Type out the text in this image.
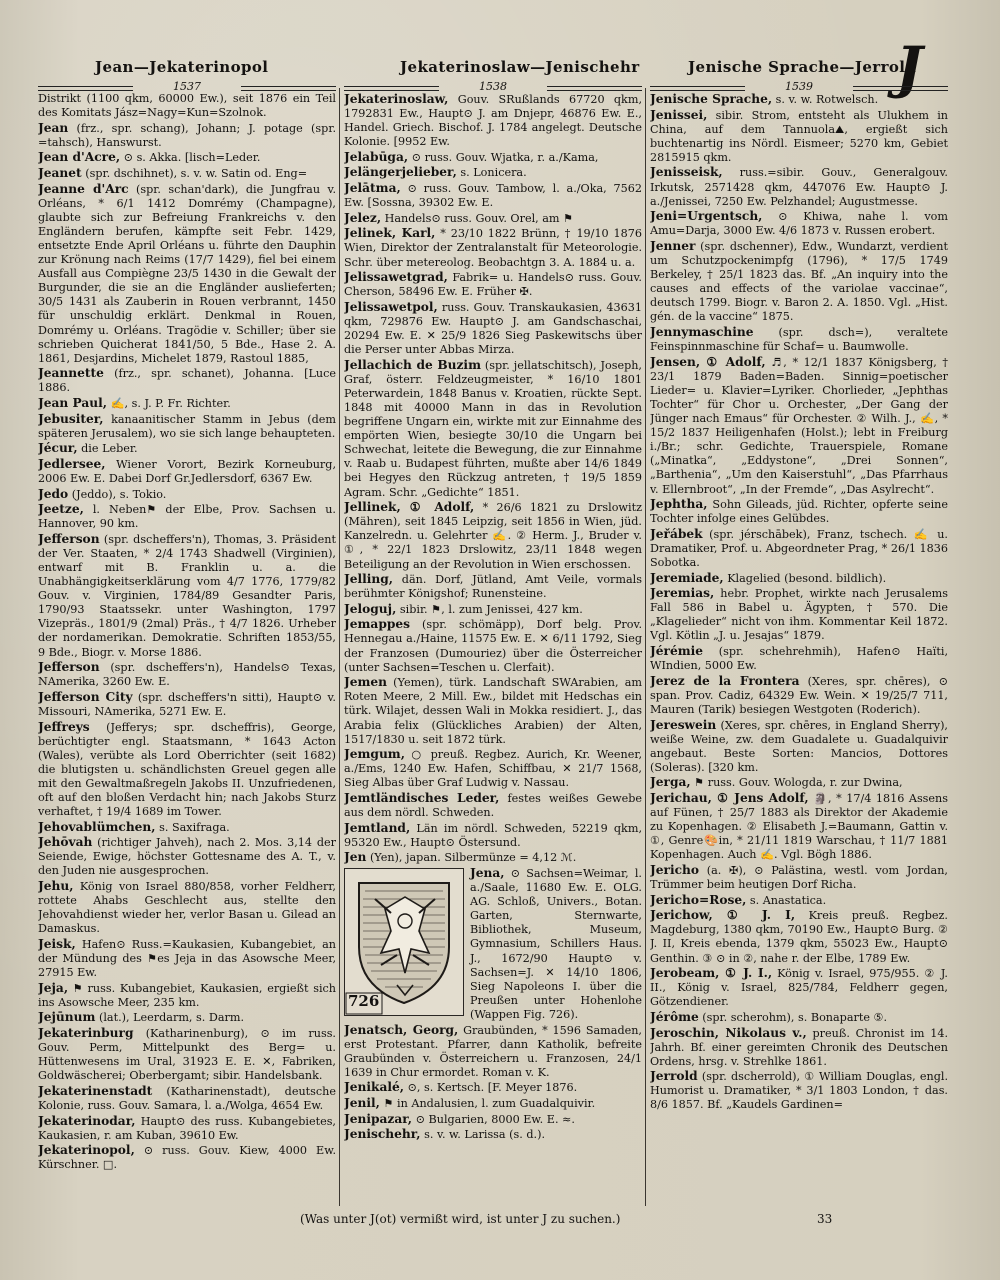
Jean—Jekaterinopol	Jekaterinoslaw—Jenischehr	Jenische Sprache—Jerrold
J
1537	1538	1539
Distrikt (1100 qkm, 60000 Ew.), seit 1876 ein Teil des Komitats Jász=Nagy=Kun=Szolnok.
Jean (frz., spr. schang), Johann; J. potage (spr. =tahsch), Hanswurst.
Jean d'Acre, ⊙ s. Akka. [lisch=Leder.
Jeanet (spr. dschihnet), s. v. w. Satin od. Eng=
Jeanne d'Arc (spr. schan'dark), die Jungfrau v. Orléans, * 6/1 1412 Domrémy (Champagne), glaubte sich zur Befreiung Frankreichs v. den Engländern berufen, kämpfte seit Febr. 1429, entsetzte Ende April Orléans u. führte den Dauphin zur Krönung nach Reims (17/7 1429), fiel bei einem Ausfall aus Compiègne 23/5 1430 in die Gewalt der Burgunder, die sie an die Engländer auslieferten; 30/5 1431 als Zauberin in Rouen verbrannt, 1450 für unschuldig erklärt. Denkmal in Rouen, Domrémy u. Orléans. Tragödie v. Schiller; über sie schrieben Quicherat 1841/50, 5 Bde., Hase 2. A. 1861, Desjardins, Michelet 1879, Rastoul 1885,
Jeannette (frz., spr. schanet), Johanna. [Luce 1886.
Jean Paul, ✍, s. J. P. Fr. Richter.
Jebusiter, kanaanitischer Stamm in Jebus (dem späteren Jerusalem), wo sie sich lange behaupteten.
Jécur, die Leber.
Jedlersee, Wiener Vorort, Bezirk Korneuburg, 2006 Ew. E. Dabei Dorf Gr.Jedlersdorf, 6367 Ew.
Jedo (Jeddo), s. Tokio.
Jeetze, l. Neben⚑ der Elbe, Prov. Sachsen u. Hannover, 90 km.
Jefferson (spr. dscheffers'n), Thomas, 3. Präsident der Ver. Staaten, * 2/4 1743 Shadwell (Virginien), entwarf mit B. Franklin u. a. die Unabhängigkeitserklärung vom 4/7 1776, 1779/82 Gouv. v. Virginien, 1784/89 Gesandter Paris, 1790/93 Staatssekr. unter Washington, 1797 Vizepräs., 1801/9 (2mal) Präs., † 4/7 1826. Urheber der nordamerikan. Demokratie. Schriften 1853/55, 9 Bde., Biogr. v. Morse 1886.
Jefferson (spr. dscheffers'n), Handels⊙ Texas, NAmerika, 3260 Ew. E.
Jefferson City (spr. dscheffers'n sitti), Haupt⊙ v. Missouri, NAmerika, 5271 Ew. E.
Jeffreys (Jefferys; spr. dscheffris), George, berüchtigter engl. Staatsmann, * 1643 Acton (Wales), verübte als Lord Oberrichter (seit 1682) die blutigsten u. schändlichsten Greuel gegen alle mit den Gewaltmaßregeln Jakobs II. Unzufriedenen, oft auf den bloßen Verdacht hin; nach Jakobs Sturz verhaftet, † 19/4 1689 im Tower.
Jehovablümchen, s. Saxifraga.
Jehōvah (richtiger Jahveh), nach 2. Mos. 3,14 der Seiende, Ewige, höchster Gottesname des A. T., v. den Juden nie ausgesprochen.
Jehu, König von Israel 880/858, vorher Feldherr, rottete Ahabs Geschlecht aus, stellte den Jehovahdienst wieder her, verlor Basan u. Gilead an Damaskus.
Jeisk, Hafen⊙ Russ.=Kaukasien, Kubangebiet, an der Mündung des ⚑es Jeja in das Asowsche Meer, 27915 Ew.
Jeja, ⚑ russ. Kubangebiet, Kaukasien, ergießt sich ins Asowsche Meer, 235 km.
Jejūnum (lat.), Leerdarm, s. Darm.
Jekaterinburg (Katharinenburg), ⊙ im russ. Gouv. Perm, Mittelpunkt des Berg= u. Hüttenwesens im Ural, 31923 E. E. ✕, Fabriken, Goldwäscherei; Oberbergamt; sibir. Handelsbank.
Jekaterinenstadt (Katharinenstadt), deutsche Kolonie, russ. Gouv. Samara, l. a./Wolga, 4654 Ew.
Jekaterinodar, Haupt⊙ des russ. Kubangebietes, Kaukasien, r. am Kuban, 39610 Ew.
Jekaterinopol, ⊙ russ. Gouv. Kiew, 4000 Ew. Kürschner. □.
Jekaterinoslaw, Gouv. SRußlands 67720 qkm, 1792831 Ew., Haupt⊙ J. am Dnjepr, 46876 Ew. E., Handel. Griech. Bischof. J. 1784 angelegt. Deutsche Kolonie. [9952 Ew.
Jelabūga, ⊙ russ. Gouv. Wjatka, r. a./Kama,
Jelängerjelieber, s. Lonicera.
Jelātma, ⊙ russ. Gouv. Tambow, l. a./Oka, 7562 Ew. [Sossna, 39302 Ew. E.
Jelez, Handels⊙ russ. Gouv. Orel, am ⚑
Jelinek, Karl, * 23/10 1822 Brünn, † 19/10 1876 Wien, Direktor der Zentralanstalt für Meteorologie. Schr. über metereolog. Beobachtgn 3. A. 1884 u. a.
Jelissawetgrad, Fabrik= u. Handels⊙ russ. Gouv. Cherson, 58496 Ew. E. Früher ✠.
Jelissawetpol, russ. Gouv. Transkaukasien, 43631 qkm, 729876 Ew. Haupt⊙ J. am Gandschaschai, 20294 Ew. E. ✕ 25/9 1826 Sieg Paskewitschs über die Perser unter Abbas Mirza.
Jellachich de Buzim (spr. jellatschitsch), Joseph, Graf, österr. Feldzeugmeister, * 16/10 1801 Peterwardein, 1848 Banus v. Kroatien, rückte Sept. 1848 mit 40000 Mann in das in Revolution begriffene Ungarn ein, wirkte mit zur Einnahme des empörten Wien, besiegte 30/10 die Ungarn bei Schwechat, leitete die Bewegung, die zur Einnahme v. Raab u. Budapest führten, mußte aber 14/6 1849 bei Hegyes den Rückzug antreten, † 19/5 1859 Agram. Schr. „Gedichte“ 1851.
Jellinek, ① Adolf, * 26/6 1821 zu Drslowitz (Mähren), seit 1845 Leipzig, seit 1856 in Wien, jüd. Kanzelredn. u. Gelehrter ✍. ② Herm. J., Bruder v. ①, * 22/1 1823 Drslowitz, 23/11 1848 wegen Beteiligung an der Revolution in Wien erschossen.
Jelling, dän. Dorf, Jütland, Amt Veile, vormals berühmter Königshof; Runensteine.
Jeloguj, sibir. ⚑, l. zum Jenissei, 427 km.
Jemappes (spr. schömäpp), Dorf belg. Prov. Hennegau a./Haine, 11575 Ew. E. ✕ 6/11 1792, Sieg der Franzosen (Dumouriez) über die Österreicher (unter Sachsen=Teschen u. Clerfait).
Jemen (Yemen), türk. Landschaft SWArabien, am Roten Meere, 2 Mill. Ew., bildet mit Hedschas ein türk. Wilajet, dessen Wali in Mokka residiert. J., das Arabia felix (Glückliches Arabien) der Alten, 1517/1830 u. seit 1872 türk.
Jemgum, ○ preuß. Regbez. Aurich, Kr. Weener, a./Ems, 1240 Ew. Hafen, Schiffbau, ✕ 21/7 1568, Sieg Albas über Graf Ludwig v. Nassau.
Jemtländisches Leder, festes weißes Gewebe aus dem nördl. Schweden.
Jemtland, Län im nördl. Schweden, 52219 qkm, 95320 Ew., Haupt⊙ Östersund.
Jen (Yen), japan. Silbermünze = 4,12 ℳ.
726
Jena, ⊙ Sachsen=Weimar, l. a./Saale, 11680 Ew. E. OLG. AG. Schloß, Univers., Botan. Garten, Sternwarte, Bibliothek, Museum, Gymnasium, Schillers Haus. J., 1672/90 Haupt⊙ v. Sachsen=J. ✕ 14/10 1806, Sieg Napoleons I. über die Preußen unter Hohenlohe (Wappen Fig. 726).
Jenatsch, Georg, Graubünden, * 1596 Samaden, erst Protestant. Pfarrer, dann Katholik, befreite Graubünden v. Österreichern u. Franzosen, 24/1 1639 in Chur ermordet. Roman v. K.
Jenikalé, ⊙, s. Kertsch. [F. Meyer 1876.
Jenil, ⚑ in Andalusien, l. zum Guadalquivir.
Jenipazar, ⊙ Bulgarien, 8000 Ew. E. ≈.
Jenischehr, s. v. w. Larissa (s. d.).
Jenische Sprache, s. v. w. Rotwelsch.
Jenissei, sibir. Strom, entsteht als Ulukhem in China, auf dem Tannuola⛰, ergießt sich buchtenartig ins Nördl. Eismeer; 5270 km, Gebiet 2815915 qkm.
Jenisseisk, russ.=sibir. Gouv., Generalgouv. Irkutsk, 2571428 qkm, 447076 Ew. Haupt⊙ J. a./Jenissei, 7250 Ew. Pelzhandel; Augustmesse.
Jeni=Urgentsch, ⊙ Khiwa, nahe l. vom Amu=Darja, 3000 Ew. 4/6 1873 v. Russen erobert.
Jenner (spr. dschenner), Edw., Wundarzt, verdient um Schutzpockenimpfg (1796), * 17/5 1749 Berkeley, † 25/1 1823 das. Bf. „An inquiry into the causes and effects of the variolae vaccinae“, deutsch 1799. Biogr. v. Baron 2. A. 1850. Vgl. „Hist. gén. de la vaccine“ 1875.
Jennymaschine (spr. dsch=), veraltete Feinspinnmaschine für Schaf= u. Baumwolle.
Jensen, ① Adolf, ♬, * 12/1 1837 Königsberg, † 23/1 1879 Baden=Baden. Sinnig=poetischer Lieder= u. Klavier=Lyriker. Chorlieder, „Jephthas Tochter“ für Chor u. Orchester, „Der Gang der Jünger nach Emaus“ für Orchester. ② Wilh. J., ✍, * 15/2 1837 Heiligenhafen (Holst.); lebt in Freiburg i./Br.; schr. Gedichte, Trauerspiele, Romane („Minatka“, „Eddystone“, „Drei Sonnen“, „Barthenia“, „Um den Kaiserstuhl“, „Das Pfarrhaus v. Ellernbroot“, „In der Fremde“, „Das Asylrecht“.
Jephtha, Sohn Gileads, jüd. Richter, opferte seine Tochter infolge eines Gelübdes.
Jeřábek (spr. jérschābek), Franz, tschech. ✍ u. Dramatiker, Prof. u. Abgeordneter Prag, * 26/1 1836 Sobotka.
Jeremiade, Klagelied (besond. bildlich).
Jeremias, hebr. Prophet, wirkte nach Jerusalems Fall 586 in Babel u. Ägypten, † 570. Die „Klagelieder“ nicht von ihm. Kommentar Keil 1872. Vgl. Kötlin „J. u. Jesajas“ 1879.
Jérémie (spr. schehrehmih), Hafen⊙ Haïti, WIndien, 5000 Ew.
Jerez de la Frontera (Xeres, spr. chēres), ⊙ span. Prov. Cadiz, 64329 Ew. Wein. ✕ 19/25/7 711, Mauren (Tarik) besiegen Westgoten (Roderich).
Jereswein (Xeres, spr. chēres, in England Sherry), weiße Weine, zw. dem Guadalete u. Guadalquivir angebaut. Beste Sorten: Mancios, Dottores (Soleras). [320 km.
Jerga, ⚑ russ. Gouv. Wologda, r. zur Dwina,
Jerichau, ① Jens Adolf, 🗿, * 17/4 1816 Assens auf Fünen, † 25/7 1883 als Direktor der Akademie zu Kopenhagen. ② Elisabeth J.=Baumann, Gattin v. ①, Genre🎨in, * 21/11 1819 Warschau, † 11/7 1881 Kopenhagen. Auch ✍. Vgl. Bögh 1886.
Jericho (a. ✠), ⊙ Palästina, westl. vom Jordan, Trümmer beim heutigen Dorf Richa.
Jericho=Rose, s. Anastatica.
Jerichow, ① J. I, Kreis preuß. Regbez. Magdeburg, 1380 qkm, 70190 Ew., Haupt⊙ Burg. ② J. II, Kreis ebenda, 1379 qkm, 55023 Ew., Haupt⊙ Genthin. ③ ⊙ in ②, nahe r. der Elbe, 1789 Ew.
Jerobeam, ① J. I., König v. Israel, 975/955. ② J. II., König v. Israel, 825/784, Feldherr gegen, Götzendiener.
Jérôme (spr. scherohm), s. Bonaparte ⑤.
Jeroschin, Nikolaus v., preuß. Chronist im 14. Jahrh. Bf. einer gereimten Chronik des Deutschen Ordens, hrsg. v. Strehlke 1861.
Jerrold (spr. dscherrold), ① William Douglas, engl. Humorist u. Dramatiker, * 3/1 1803 London, † das. 8/6 1857. Bf. „Kaudels Gardinen=
(Was unter J(ot) vermißt wird, ist unter J zu suchen.)	33
